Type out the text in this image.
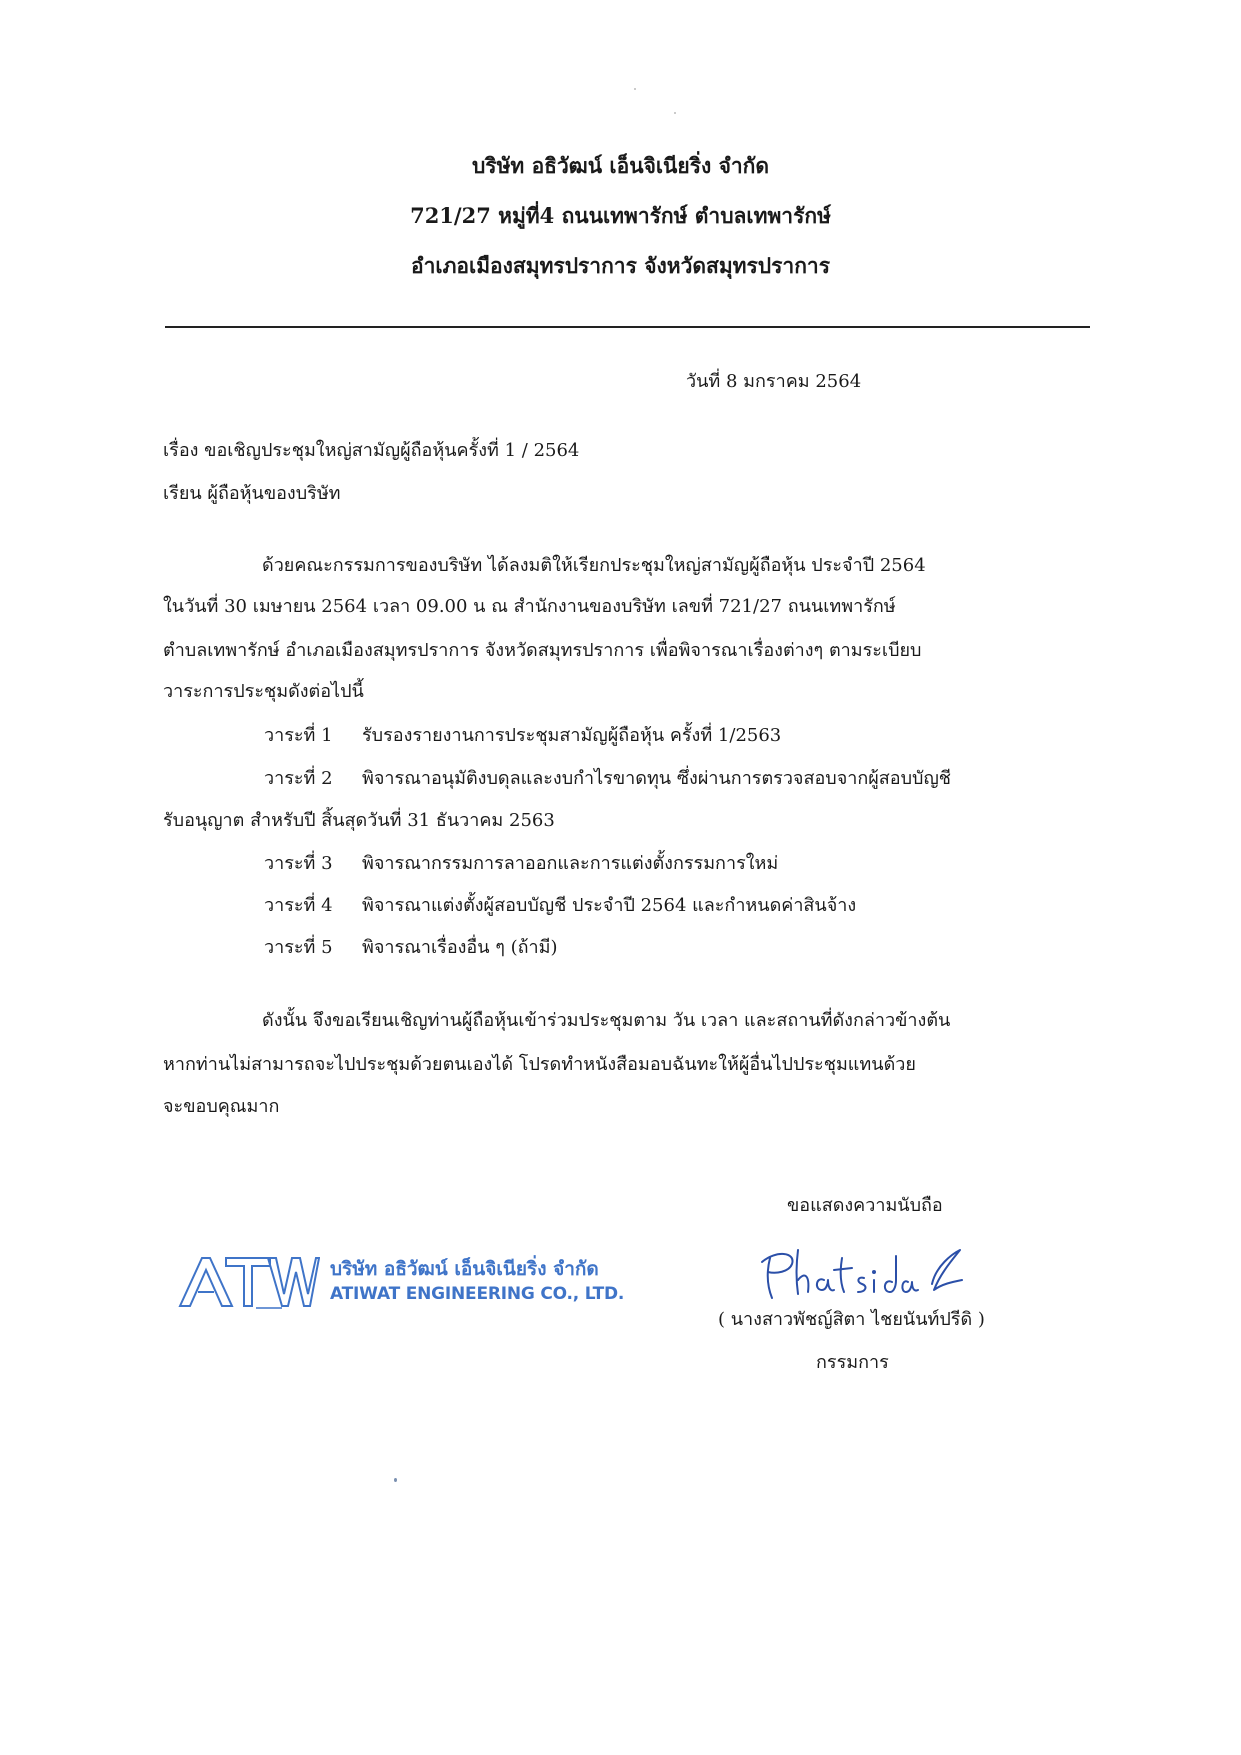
บริษัท อธิวัฒน์ เอ็นจิเนียริ่ง จำกัด
721/27 หมู่ที่4 ถนนเทพารักษ์ ตำบลเทพารักษ์
อำเภอเมืองสมุทรปราการ จังหวัดสมุทรปราการ
วันที่ 8 มกราคม 2564
เรื่อง ขอเชิญประชุมใหญ่สามัญผู้ถือหุ้นครั้งที่ 1 / 2564
เรียน ผู้ถือหุ้นของบริษัท
ด้วยคณะกรรมการของบริษัท ได้ลงมติให้เรียกประชุมใหญ่สามัญผู้ถือหุ้น ประจำปี 2564
ในวันที่ 30 เมษายน 2564 เวลา 09.00 น ณ สำนักงานของบริษัท เลขที่ 721/27 ถนนเทพารักษ์
ตำบลเทพารักษ์ อำเภอเมืองสมุทรปราการ จังหวัดสมุทรปราการ เพื่อพิจารณาเรื่องต่างๆ ตามระเบียบ
วาระการประชุมดังต่อไปนี้
วาระที่ 1 รับรองรายงานการประชุมสามัญผู้ถือหุ้น ครั้งที่ 1/2563
วาระที่ 2 พิจารณาอนุมัติงบดุลและงบกำไรขาดทุน ซึ่งผ่านการตรวจสอบจากผู้สอบบัญชี
รับอนุญาต สำหรับปี สิ้นสุดวันที่ 31 ธันวาคม 2563
วาระที่ 3 พิจารณากรรมการลาออกและการแต่งตั้งกรรมการใหม่
วาระที่ 4 พิจารณาแต่งตั้งผู้สอบบัญชี ประจำปี 2564 และกำหนดค่าสินจ้าง
วาระที่ 5 พิจารณาเรื่องอื่น ๆ (ถ้ามี)
ดังนั้น จึงขอเรียนเชิญท่านผู้ถือหุ้นเข้าร่วมประชุมตาม วัน เวลา และสถานที่ดังกล่าวข้างต้น
หากท่านไม่สามารถจะไปประชุมด้วยตนเองได้ โปรดทำหนังสือมอบฉันทะให้ผู้อื่นไปประชุมแทนด้วย
จะขอบคุณมาก
ขอแสดงความนับถือ
( นางสาวพัชญ์สิตา ไชยนันท์ปรีดิ )
กรรมการ
บริษัท อธิวัฒน์ เอ็นจิเนียริ่ง จำกัด
ATIWAT ENGINEERING CO., LTD.
